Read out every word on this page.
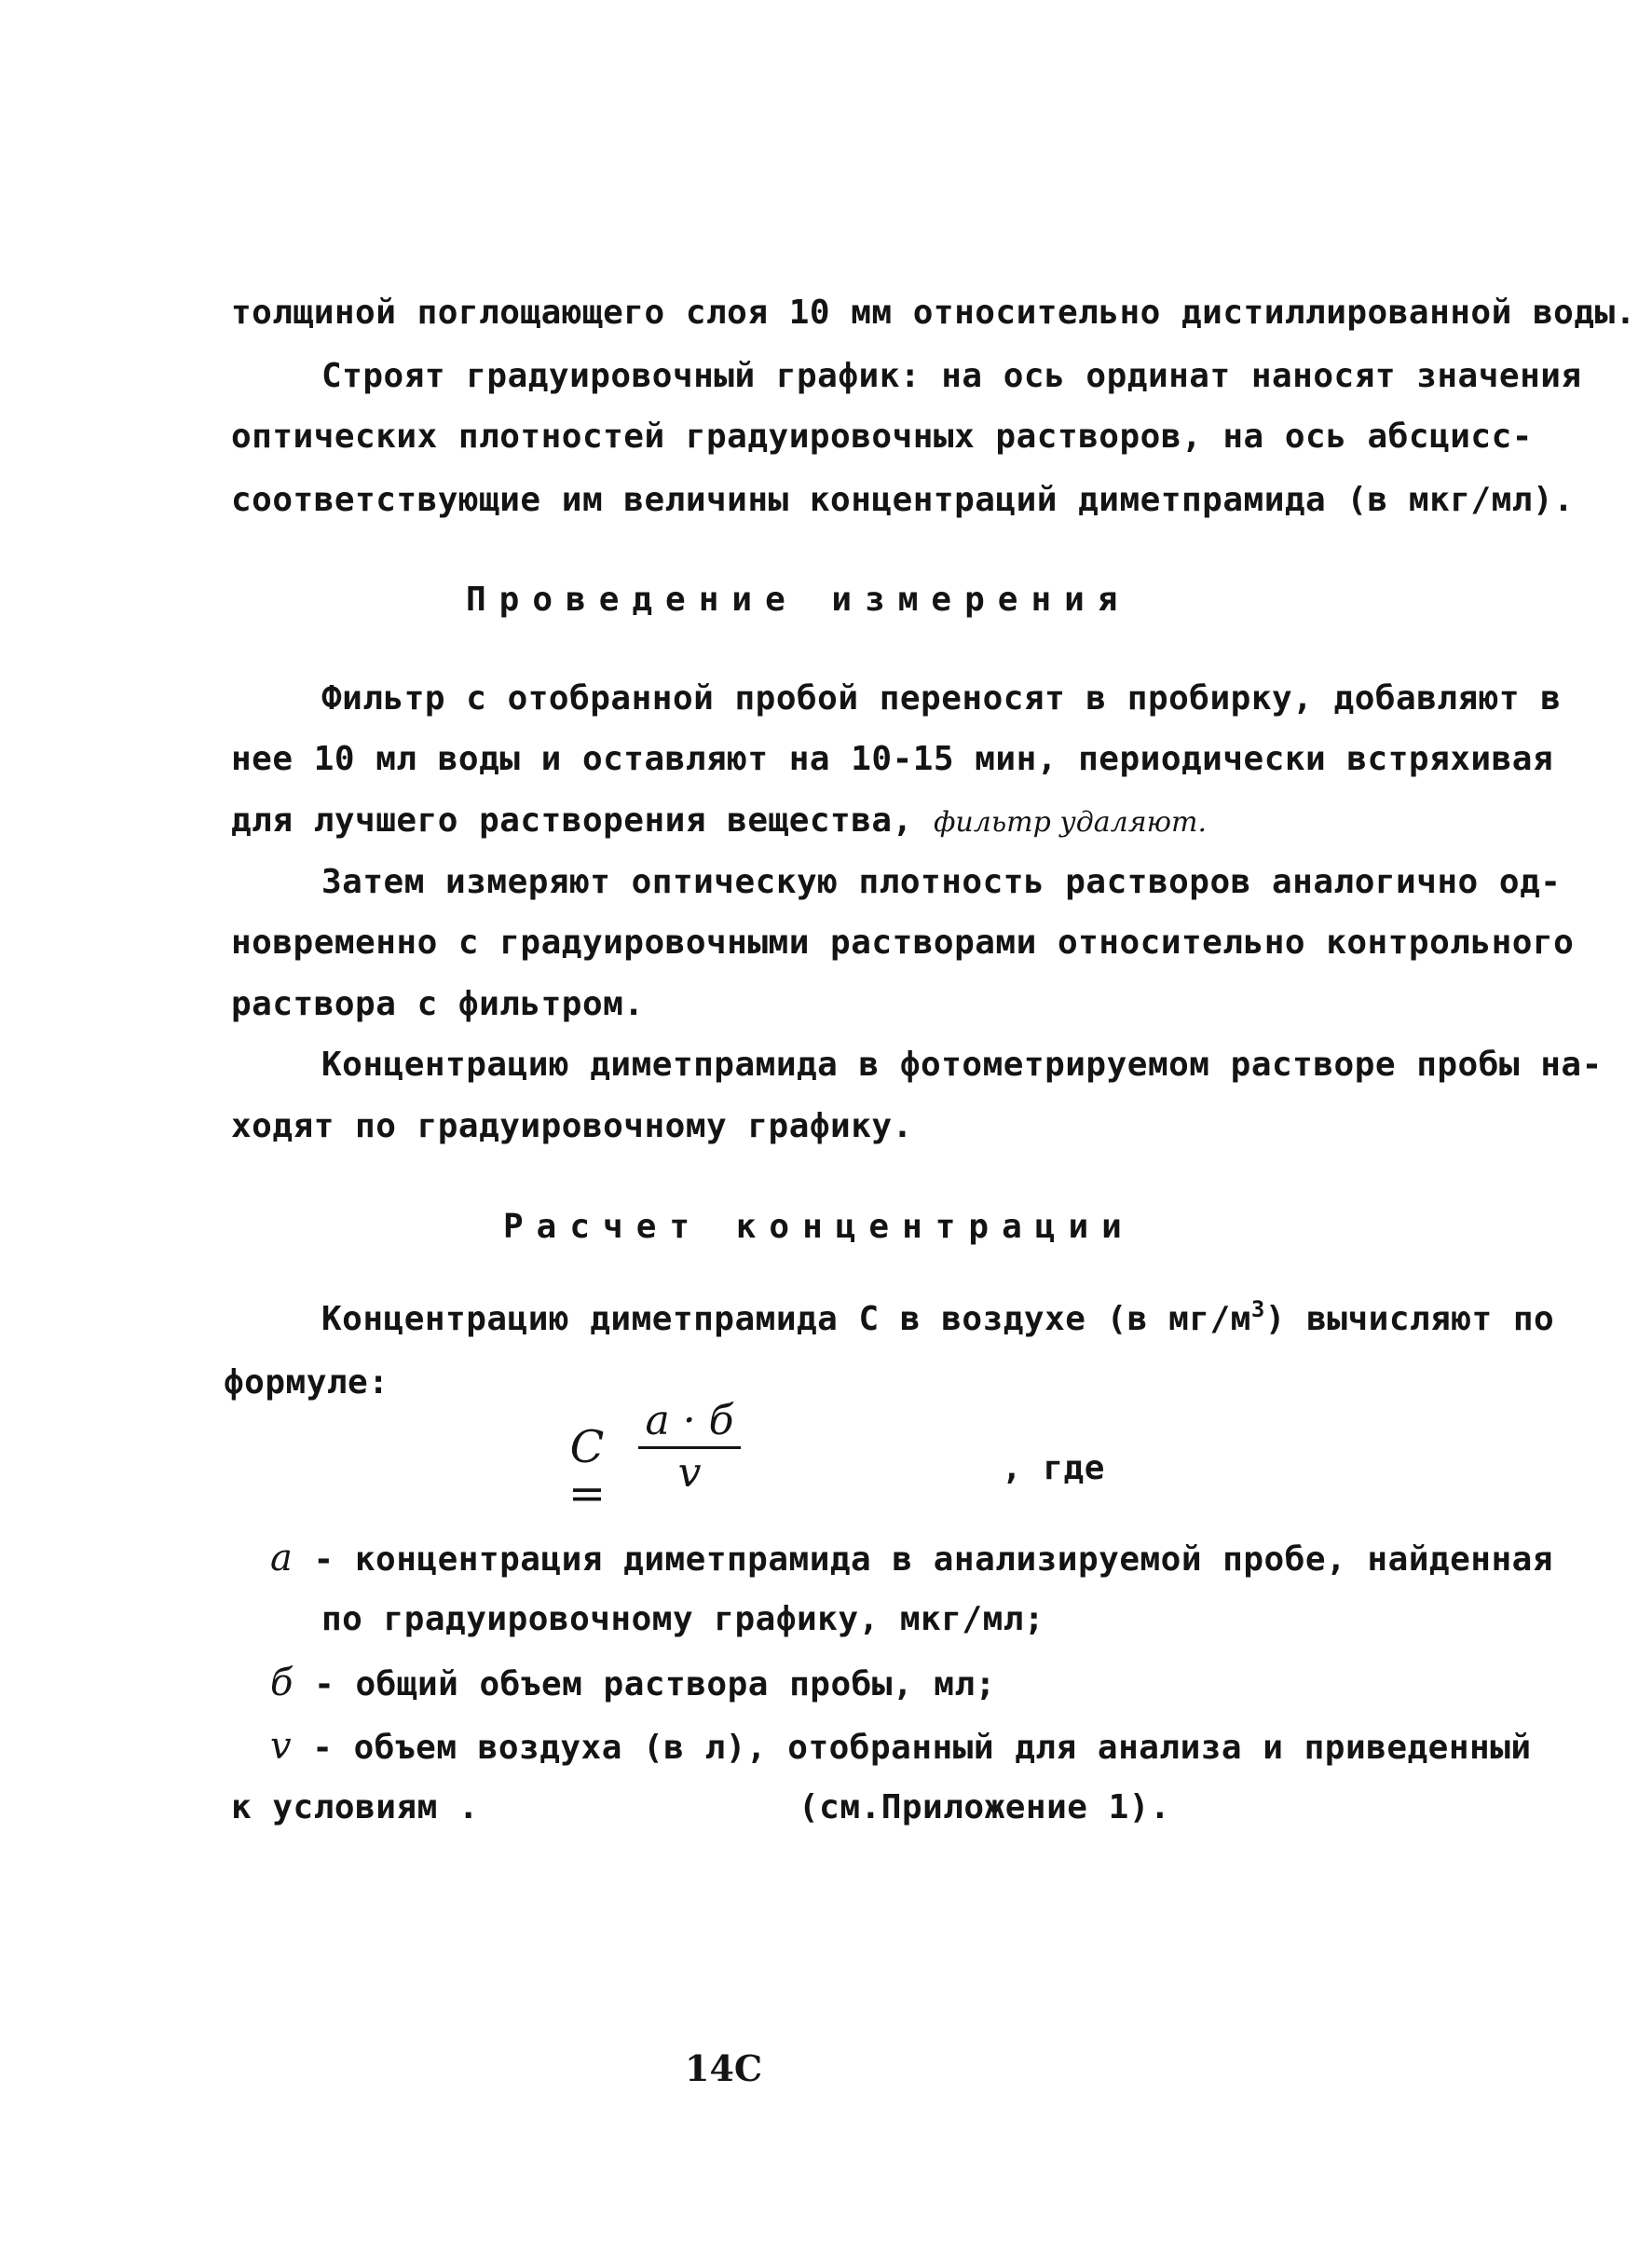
толщиной поглощающего слоя 10 мм относительно дистиллированной воды.
Строят градуировочный график: на ось ординат наносят значения
оптических плотностей градуировочных растворов, на ось абсцисс-
соответствующие им величины концентраций диметпрамида (в мкг/мл).
Проведение измерения
Фильтр с отобранной пробой переносят в пробирку, добавляют в
нее 10 мл воды и оставляют на 10-15 мин, периодически встряхивая
для лучшего растворения вещества, фильтр удаляют.
Затем измеряют оптическую плотность растворов аналогично од-
новременно с градуировочными растворами относительно контрольного
раствора с фильтром.
Концентрацию диметпрамида в фотометрируемом растворе пробы на-
ходят по градуировочному графику.
Расчет концентрации
Концентрацию диметпрамида С в воздухе (в $мг/м^3$) вычисляют по
формуле:
C =
a · б
v	, где
a - концентрация диметпрамида в анализируемой пробе, найденная
по градуировочному графику, мкг/мл;
б - общий объем раствора пробы, мл;
v - объем воздуха (в л), отобранный для анализа и приведенный
к условиям .	(см.Приложение 1).
14С
